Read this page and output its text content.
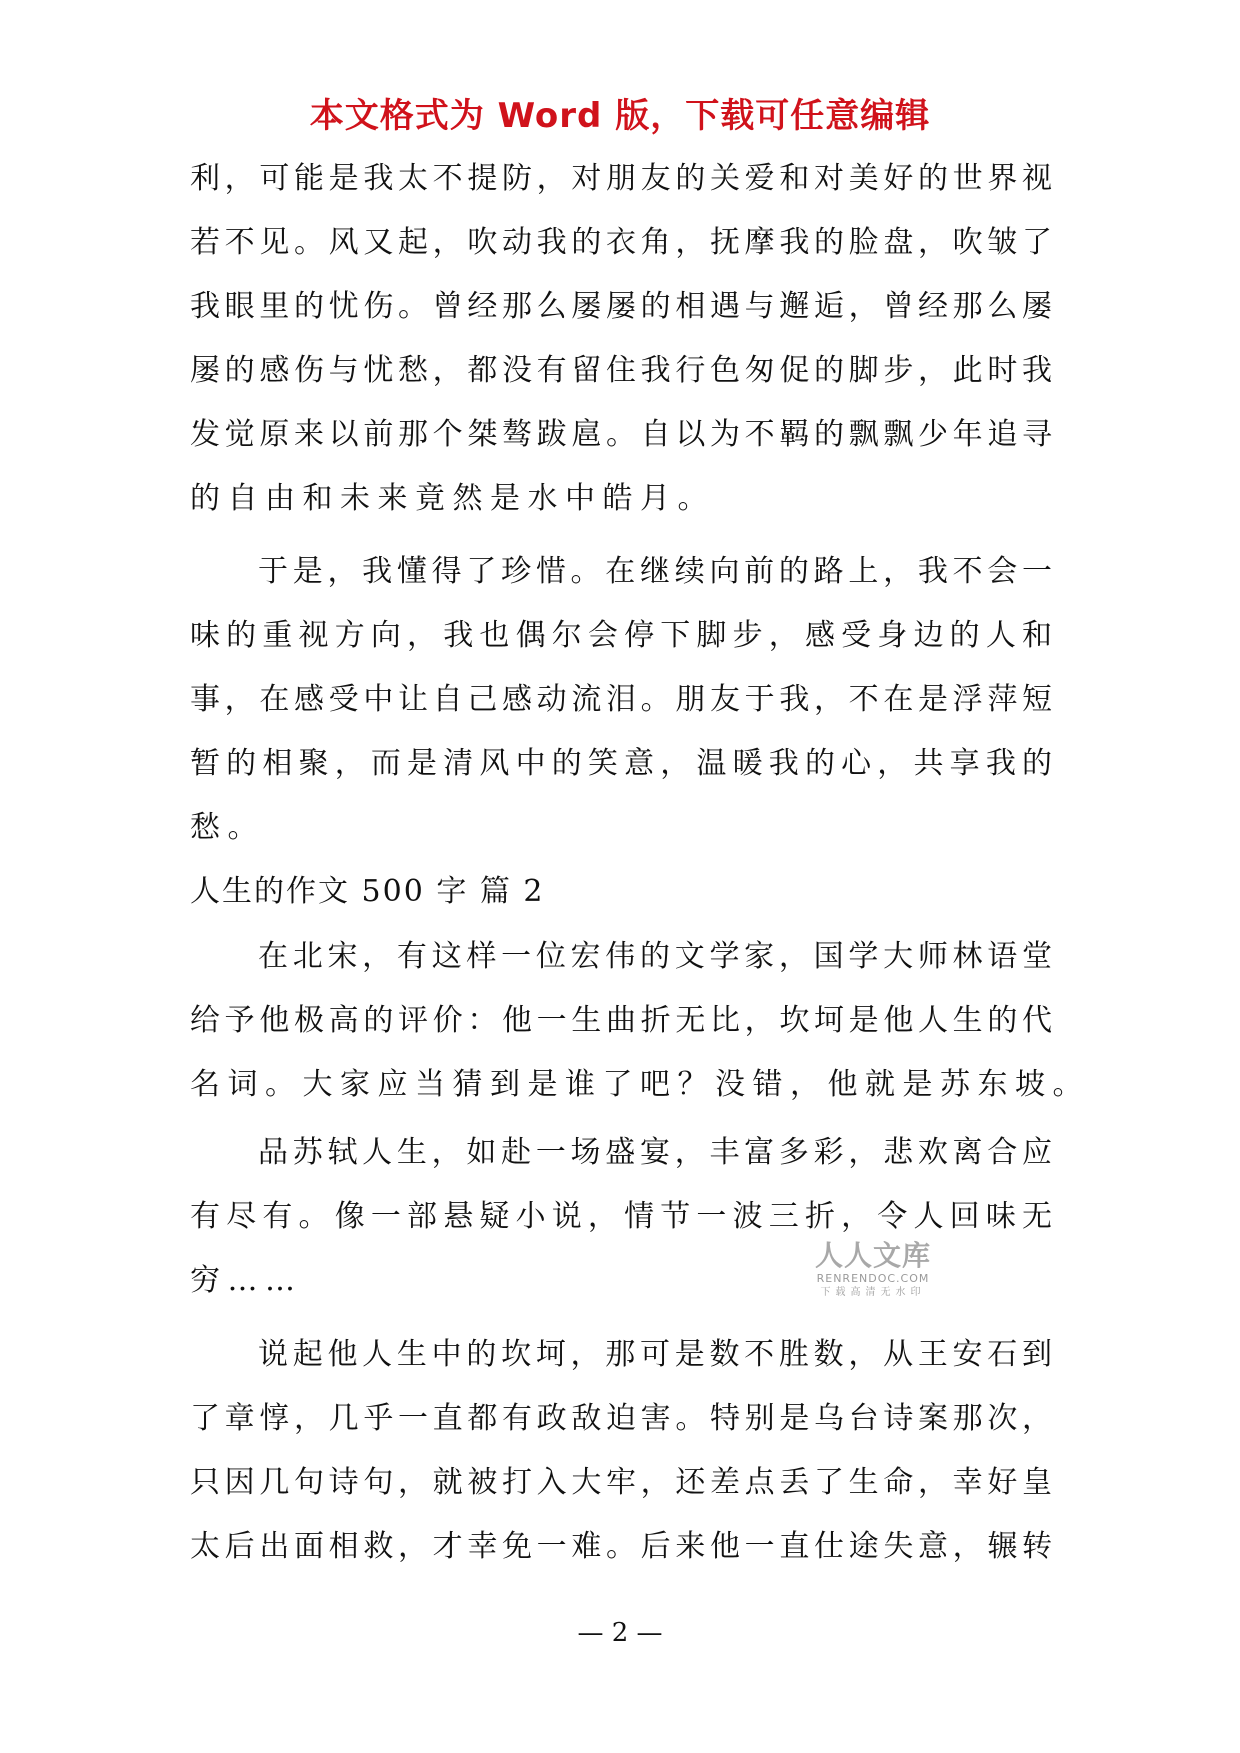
本文格式为 Word 版，下载可任意编辑
利，可能是我太不提防，对朋友的关爱和对美好的世界视
若不见。风又起，吹动我的衣角，抚摩我的脸盘，吹皱了
我眼里的忧伤。曾经那么屡屡的相遇与邂逅，曾经那么屡
屡的感伤与忧愁，都没有留住我行色匆促的脚步，此时我
发觉原来以前那个桀骜跋扈。自以为不羁的飘飘少年追寻
的自由和未来竟然是水中皓月。
于是，我懂得了珍惜。在继续向前的路上，我不会一
味的重视方向，我也偶尔会停下脚步，感受身边的人和
事，在感受中让自己感动流泪。朋友于我，不在是浮萍短
暂的相聚，而是清风中的笑意，温暖我的心，共享我的
愁。
人生的作文 500 字 篇 2
在北宋，有这样一位宏伟的文学家，国学大师林语堂
给予他极高的评价：他一生曲折无比，坎坷是他人生的代
名词。大家应当猜到是谁了吧？没错，他就是苏东坡。
品苏轼人生，如赴一场盛宴，丰富多彩，悲欢离合应
有尽有。像一部悬疑小说，情节一波三折，令人回味无
穷……
说起他人生中的坎坷，那可是数不胜数，从王安石到
了章惇，几乎一直都有政敌迫害。特别是乌台诗案那次，
只因几句诗句，就被打入大牢，还差点丢了生命，幸好皇
太后出面相救，才幸免一难。后来他一直仕途失意，辗转
人人文库
RENRENDOC.COM
下载高清无水印
— 2 —
